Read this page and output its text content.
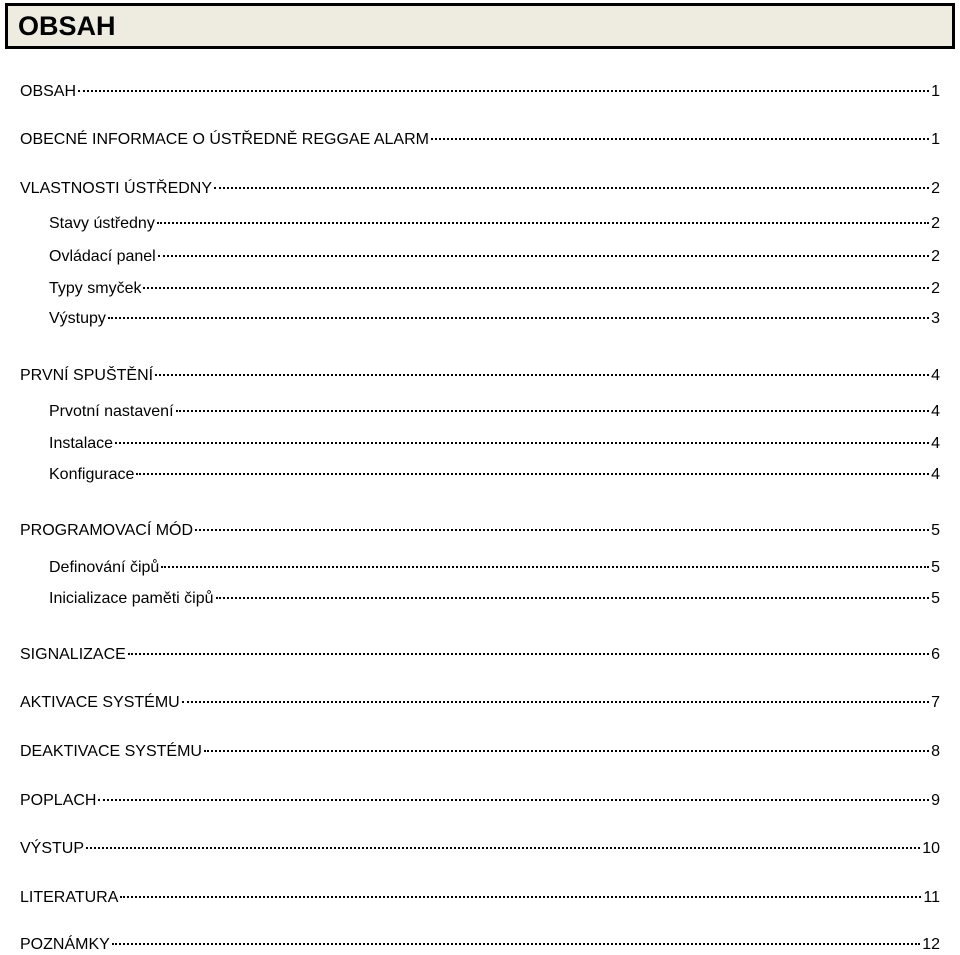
OBSAH
OBSAH	1
OBECNÉ INFORMACE O ÚSTŘEDNĚ REGGAE ALARM	1
VLASTNOSTI ÚSTŘEDNY	2
Stavy ústředny	2
Ovládací panel	2
Typy smyček	2
Výstupy	3
PRVNÍ SPUŠTĚNÍ	4
Prvotní nastavení	4
Instalace	4
Konfigurace	4
PROGRAMOVACÍ MÓD	5
Definování čipů	5
Inicializace paměti čipů	5
SIGNALIZACE	6
AKTIVACE SYSTÉMU	7
DEAKTIVACE SYSTÉMU	8
POPLACH	9
VÝSTUP	10
LITERATURA	11
POZNÁMKY	12
